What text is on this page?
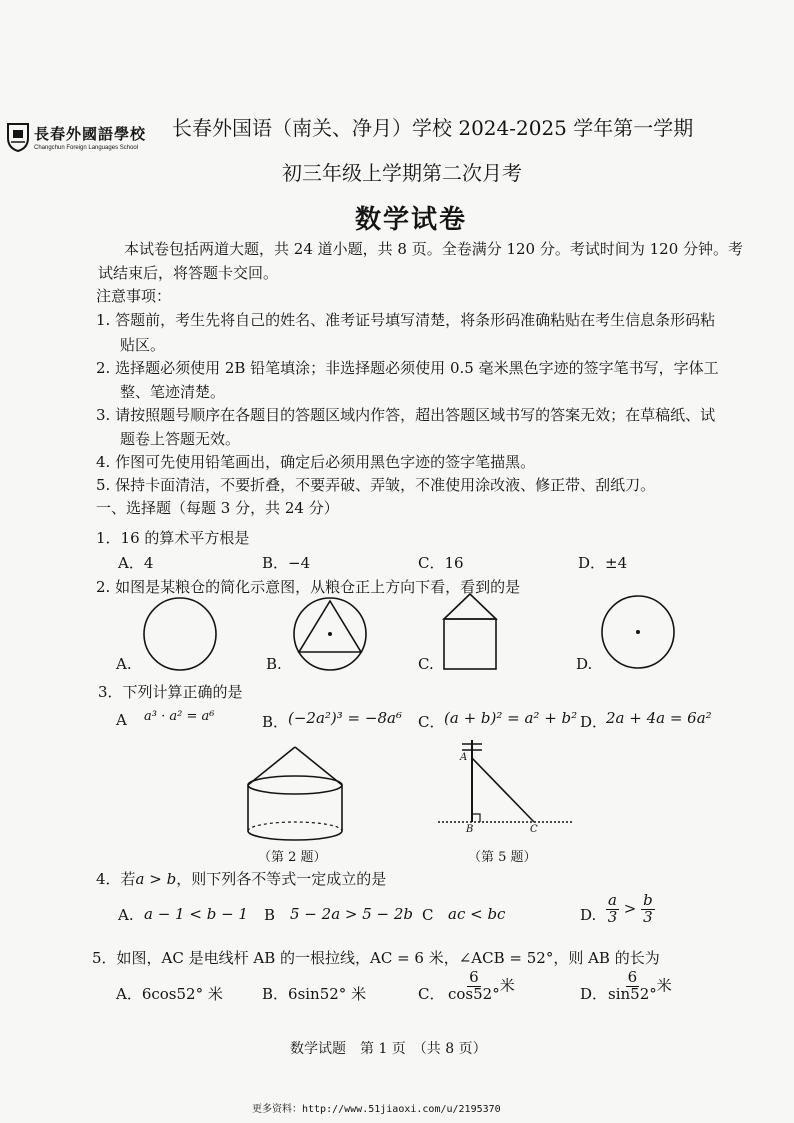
長春外國語學校
Changchun Foreign Languages School
长春外国语（南关、净月）学校 2024-2025 学年第一学期
初三年级上学期第二次月考
数学试卷
本试卷包括两道大题，共 24 道小题，共 8 页。全卷满分 120 分。考试时间为 120 分钟。考
试结束后，将答题卡交回。
注意事项：
1. 答题前，考生先将自己的姓名、准考证号填写清楚，将条形码准确粘贴在考生信息条形码粘
贴区。
2. 选择题必须使用 2B 铅笔填涂；非选择题必须使用 0.5 毫米黑色字迹的签字笔书写，字体工
整、笔迹清楚。
3. 请按照题号顺序在各题目的答题区域内作答，超出答题区域书写的答案无效；在草稿纸、试
题卷上答题无效。
4. 作图可先使用铅笔画出，确定后必须用黑色字迹的签字笔描黑。
5. 保持卡面清洁，不要折叠，不要弄破、弄皱，不准使用涂改液、修正带、刮纸刀。
一、选择题（每题 3 分，共 24 分）
1．16 的算术平方根是
A．4	B．−4	C．16	D．±4
2. 如图是某粮仓的简化示意图，从粮仓正上方向下看，看到的是
A.	B.	C.	D.
3．下列计算正确的是
A a³ · a² = a⁶	B． (−2a²)³ = −8a⁶ C． (a + b)² = a² + b² D．
2a + 4a = 6a²
（第 2 题）
A
B	C
（第 5 题）
4．若a > b，则下列各不等式一定成立的是
A. a − 1 < b − 1 B 5 − 2a > 5 − 2b C ac < bc	D. $\frac{a}{3} > \frac{b}{3}$
5．如图，AC 是电线杆 AB 的一根拉线，AC = 6 米，∠ACB = 52°，则 AB 的长为
A．6cos52° 米	B．6sin52° 米	C． $\frac{6}{\cos 52^\circ}$ 米	D． $\frac{6}{\sin 52^\circ}$ 米
数学试题　第 1 页　（共 8 页）
更多资料：http://www.51jiaoxi.com/u/2195370
